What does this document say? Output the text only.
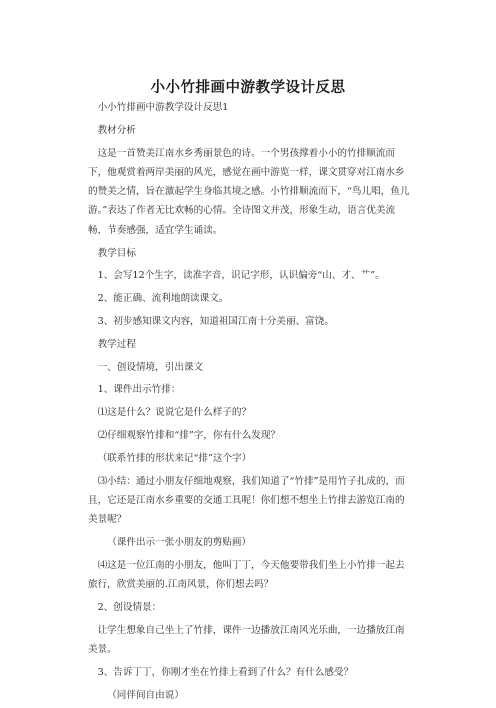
小小竹排画中游教学设计反思

小小竹排画中游教学设计反思1

教材分析

这是一首赞美江南水乡秀丽景色的诗。一个男孩撑着小小的竹排顺流而下，他观赏着两岸美丽的风光，感觉在画中游览一样，课文贯穿对江南水乡的赞美之情，旨在激起学生身临其境之感。小竹排顺流而下，“鸟儿唱，鱼儿游。”表达了作者无比欢畅的心情。全诗图文并茂，形象生动，语言优美流畅，节奏感强，适宜学生诵读。

教学目标

1、会写12个生字，读准字音，识记字形，认识偏旁“山、才、艹”。

2、能正确、流利地朗读课文。

3、初步感知课文内容，知道祖国江南十分美丽、富饶。

教学过程

一、创设情境，引出课文

1、课件出示竹排：

⑴这是什么？说说它是什么样子的？

⑵仔细观察竹排和“排”字，你有什么发现？

（联系竹排的形状来记“排”这个字）

⑶小结：通过小朋友仔细地观察，我们知道了“竹排”是用竹子扎成的，而且，它还是江南水乡重要的交通工具呢！你们想不想坐上竹排去游览江南的美景呢？

（课件出示一张小朋友的剪贴画）

⑷这是一位江南的小朋友，他叫丁丁，今天他要带我们坐上小竹排一起去旅行，欣赏美丽的.江南风景，你们想去吗？

2、创设情景：

让学生想象自己坐上了竹排，课件一边播放江南风光乐曲，一边播放江南美景。

3、告诉丁丁，你刚才坐在竹排上看到了什么？有什么感受？

（同伴间自由说）
